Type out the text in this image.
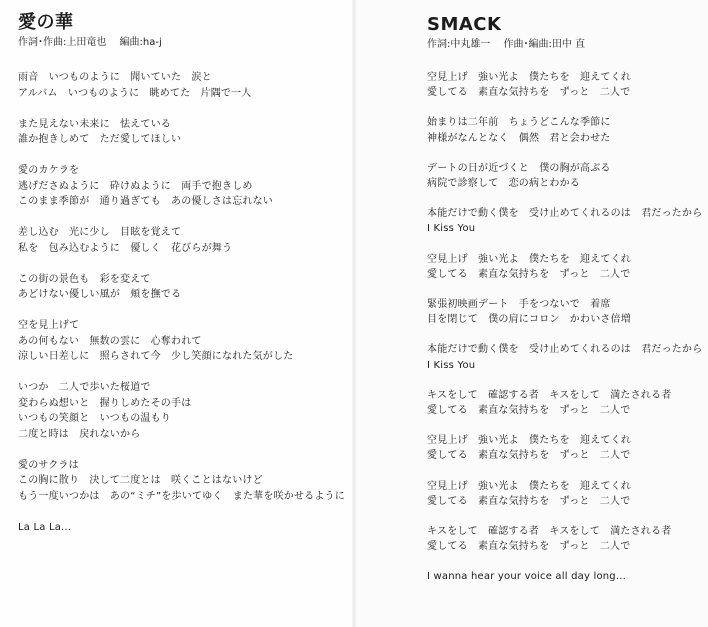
愛の華
作詞･作曲:上田竜也　 編曲:ha-j
雨音　いつものように　聞いていた　涙と
アルバム　いつものように　眺めてた　片隅で一人
また見えない未来に　怯えている
誰か抱きしめて　ただ愛してほしい
愛のカケラを
逃げださぬように　砕けぬように　両手で抱きしめ
このまま季節が　通り過ぎても　あの優しさは忘れない
差し込む　光に少し　目眩を覚えて
私を　包み込むように　優しく　花びらが舞う
この街の景色も　彩を変えて
あどけない優しい風が　頬を撫でる
空を見上げて
あの何もない　無数の雲に　心奪われて
涼しい日差しに　照らされて今　少し笑顔になれた気がした
いつか　二人で歩いた桜道で
変わらぬ想いと　握りしめたその手は
いつもの笑顔と　いつもの温もり
二度と時は　戻れないから
愛のサクラは
この胸に散り　決して二度とは　咲くことはないけど
もう一度いつかは　あの“ミチ”を歩いてゆく　また華を咲かせるように
La La La...
SMACK
作詞:中丸雄一　 作曲･編曲:田中 直
空見上げ　強い光よ　僕たちを　迎えてくれ
愛してる　素直な気持ちを　ずっと　二人で
始まりは二年前　ちょうどこんな季節に
神様がなんとなく　偶然　君と会わせた
デートの日が近づくと　僕の胸が高ぶる
病院で診察して　恋の病とわかる
本能だけで動く僕を　受け止めてくれるのは　君だったから
I Kiss You
空見上げ　強い光よ　僕たちを　迎えてくれ
愛してる　素直な気持ちを　ずっと　二人で
緊張初映画デート　手をつないで　着席
目を閉じて　僕の肩にコロン　かわいさ倍増
本能だけで動く僕を　受け止めてくれるのは　君だったから
I Kiss You
キスをして　確認する者　キスをして　満たされる者
愛してる　素直な気持ちを　ずっと　二人で
空見上げ　強い光よ　僕たちを　迎えてくれ
愛してる　素直な気持ちを　ずっと　二人で
空見上げ　強い光よ　僕たちを　迎えてくれ
愛してる　素直な気持ちを　ずっと　二人で
キスをして　確認する者　キスをして　満たされる者
愛してる　素直な気持ちを　ずっと　二人で
I wanna hear your voice all day long...
